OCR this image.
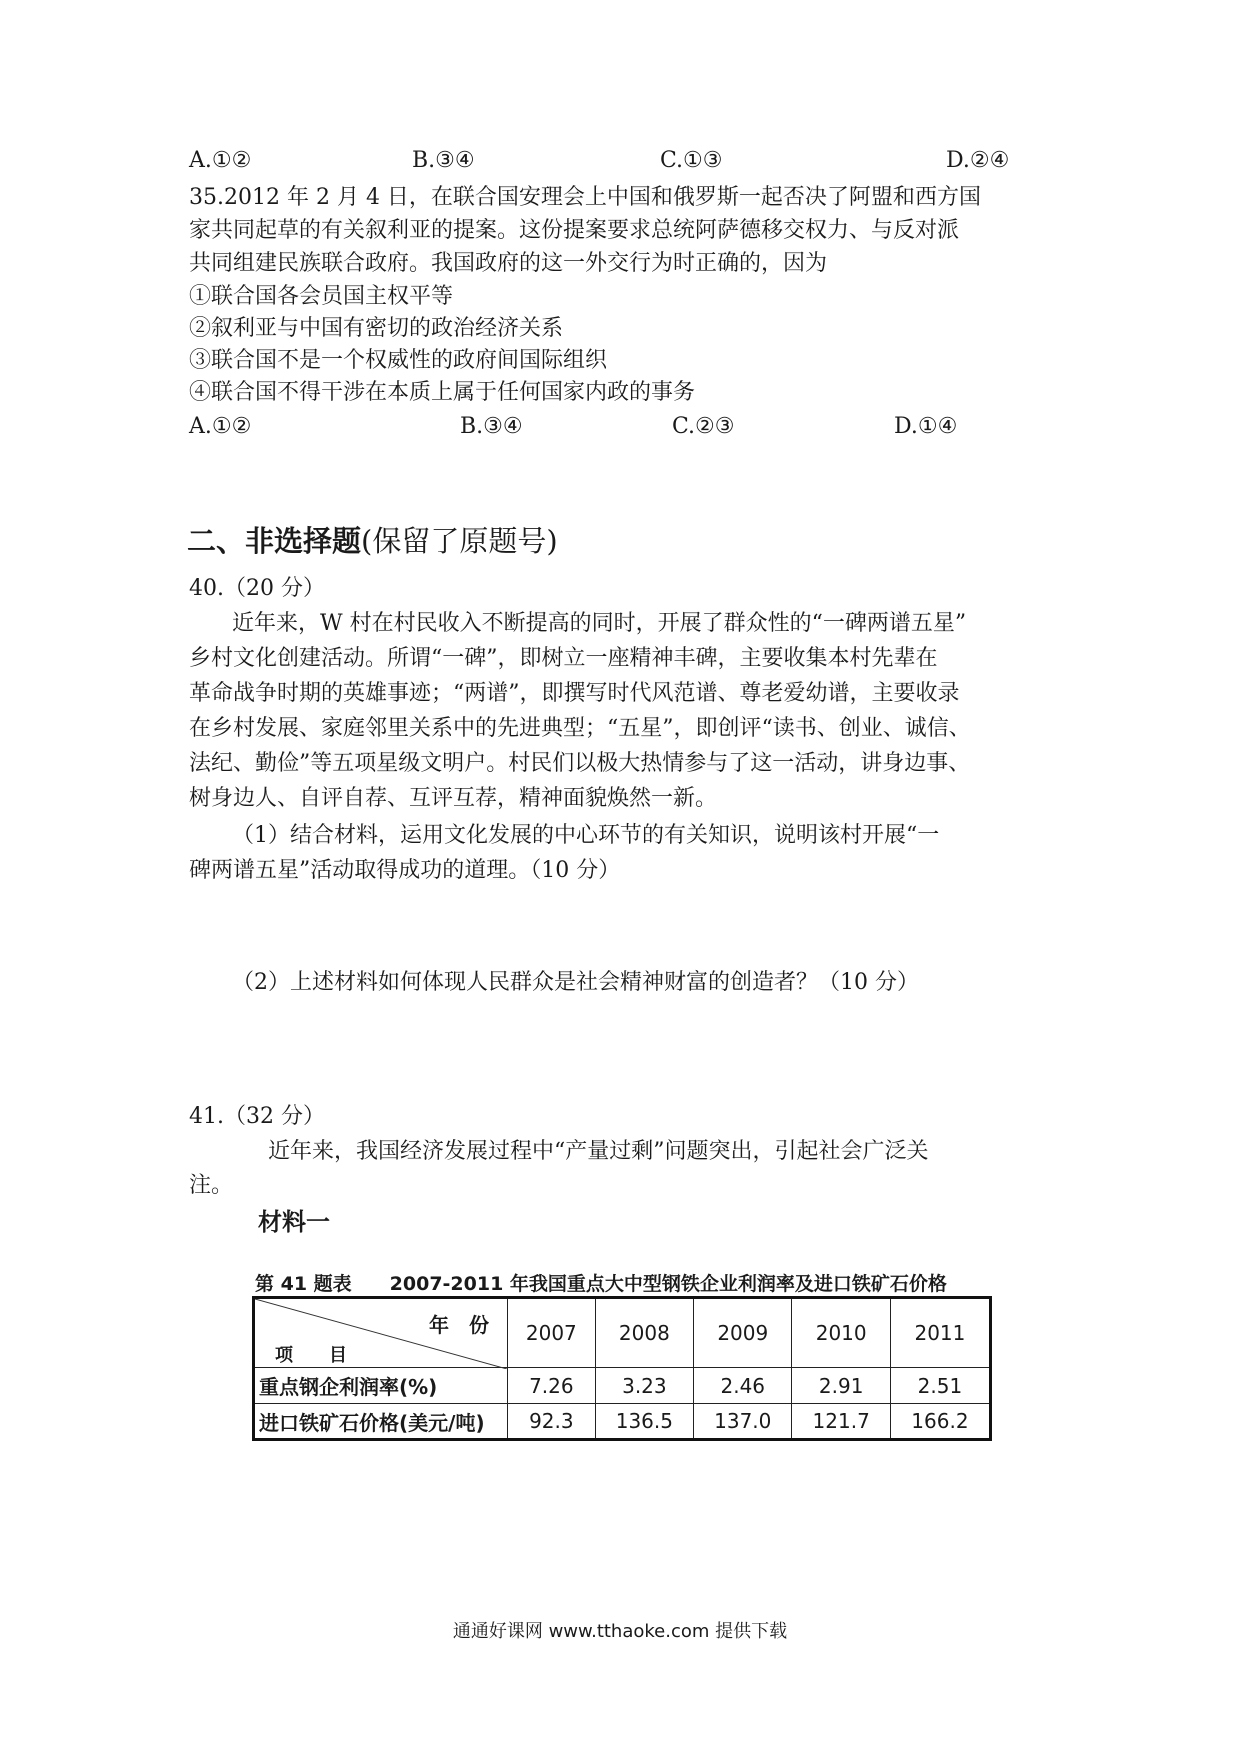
A.①②	B.③④	C.①③	D.②④
35.2012 年 2 月 4 日，在联合国安理会上中国和俄罗斯一起否决了阿盟和西方国
家共同起草的有关叙利亚的提案。这份提案要求总统阿萨德移交权力、与反对派
共同组建民族联合政府。我国政府的这一外交行为时正确的，因为
①联合国各会员国主权平等
②叙利亚与中国有密切的政治经济关系
③联合国不是一个权威性的政府间国际组织
④联合国不得干涉在本质上属于任何国家内政的事务
A.①②	B.③④	C.②③	D.①④
二、非选择题(保留了原题号)
40.（20 分）
近年来，W 村在村民收入不断提高的同时，开展了群众性的“一碑两谱五星”
乡村文化创建活动。所谓“一碑”，即树立一座精神丰碑，主要收集本村先辈在
革命战争时期的英雄事迹；“两谱”，即撰写时代风范谱、尊老爱幼谱，主要收录
在乡村发展、家庭邻里关系中的先进典型；“五星”，即创评“读书、创业、诚信、
法纪、勤俭”等五项星级文明户。村民们以极大热情参与了这一活动，讲身边事、
树身边人、自评自荐、互评互荐，精神面貌焕然一新。
（1）结合材料，运用文化发展的中心环节的有关知识，说明该村开展“一
碑两谱五星”活动取得成功的道理。（10 分）
（2）上述材料如何体现人民群众是社会精神财富的创造者？（10 分）
41.（32 分）
近年来，我国经济发展过程中“产量过剩”问题突出，引起社会广泛关
注。
材料一
第 41 题表　　2007-2011 年我国重点大中型钢铁企业利润率及进口铁矿石价格
年　份
项　　目	2007	2008	2009	2010	2011
重点钢企利润率(%)	7.26	3.23	2.46	2.91	2.51
进口铁矿石价格(美元/吨)	92.3	136.5	137.0	121.7	166.2
通通好课网 www.tthaoke.com 提供下载
